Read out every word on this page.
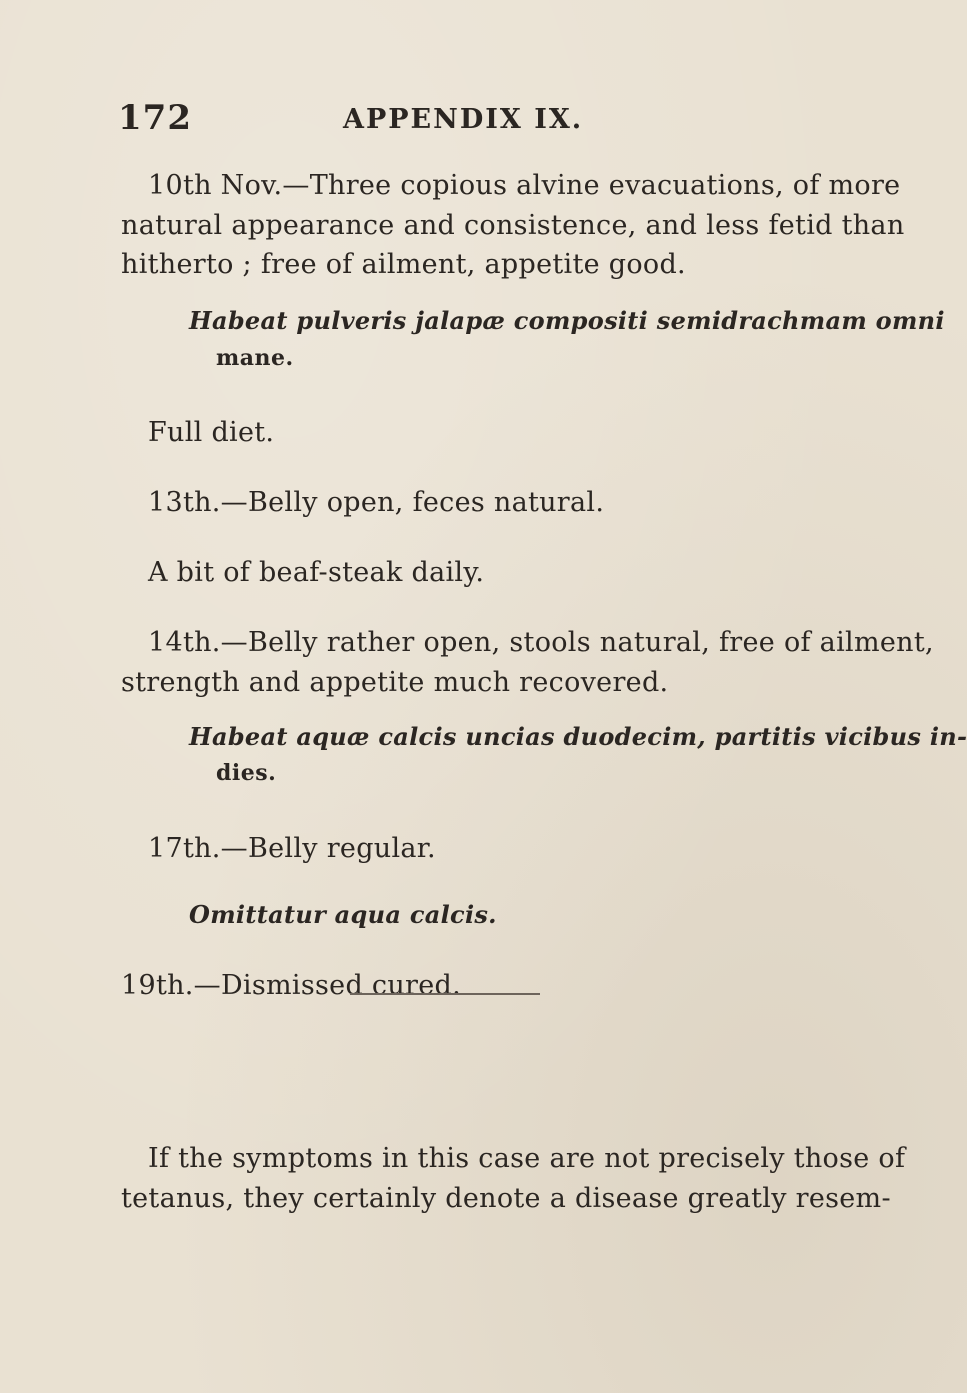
172	APPENDIX IX.

10th Nov.—Three copious alvine evacuations, of more

natural appearance and consistence, and less fetid than

hitherto ; free of ailment, appetite good.

Habeat pulveris jalapæ compositi semidrachmam omni

mane.

Full diet.

13th.—Belly open, feces natural.

A bit of beaf-steak daily.

14th.—Belly rather open, stools natural, free of ailment,

strength and appetite much recovered.

Habeat aquæ calcis uncias duodecim, partitis vicibus in-

dies.

17th.—Belly regular.

Omittatur aqua calcis.

19th.—Dismissed cured.

If the symptoms in this case are not precisely those of

tetanus, they certainly denote a disease greatly resem-
